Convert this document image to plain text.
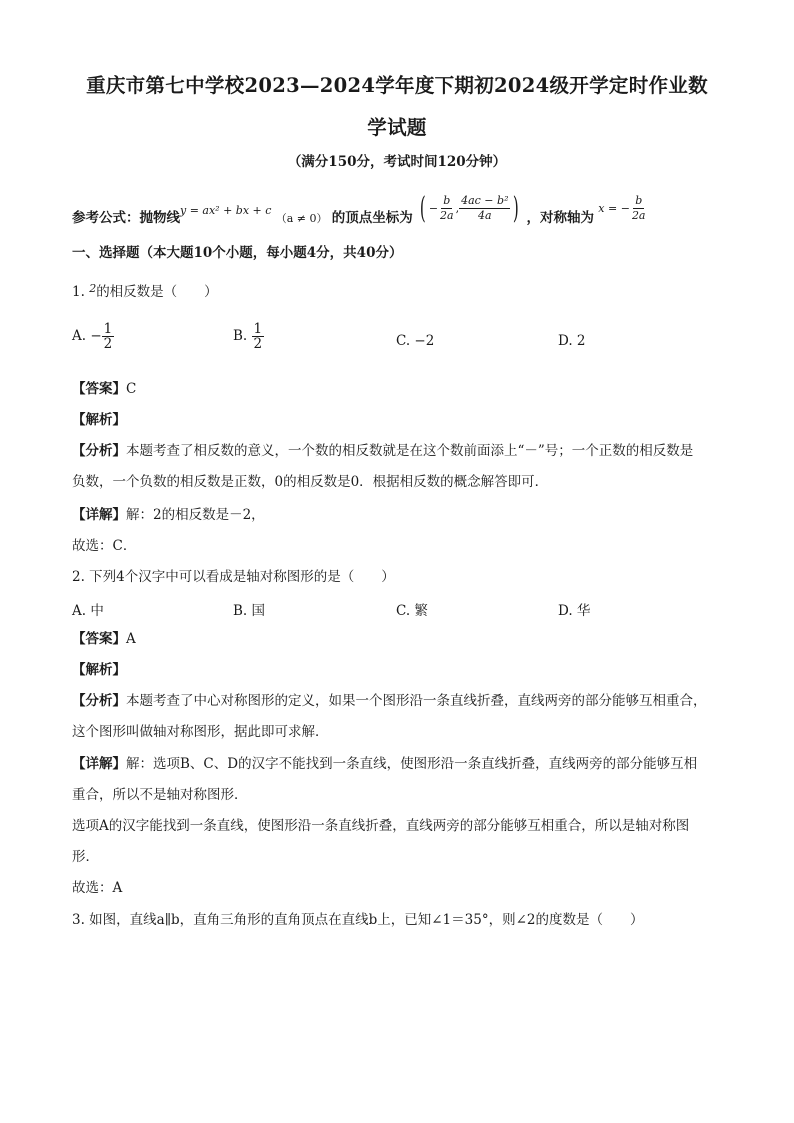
重庆市第七中学校2023—2024学年度下期初2024级开学定时作业数
学试题
（满分150分，考试时间120分钟）
参考公式：抛物线$^{y = ax^2 + bx + c}$ （a ≠ 0） 的顶点坐标为 ( − $\frac{b}{2a}$ , $\frac{\text{4ac − b²}}{4a}$ ) ，对称轴为 x = − $\frac{b}{2a}$
一、选择题（本大题10个小题，每小题4分，共40分）
1. $^2$的相反数是（　　）
A. − $\frac{1}{2}$	B. $\frac{1}{2}$	C. −2	D. 2
【答案】C
【解析】
【分析】本题考查了相反数的意义，一个数的相反数就是在这个数前面添上“－”号；一个正数的相反数是
负数，一个负数的相反数是正数，0的相反数是0．根据相反数的概念解答即可．
【详解】解：2的相反数是－2，
故选：C．
2. 下列4个汉字中可以看成是轴对称图形的是（　　）
A. 中	B. 国	C. 繁	D. 华
【答案】A
【解析】
【分析】本题考查了中心对称图形的定义，如果一个图形沿一条直线折叠，直线两旁的部分能够互相重合，
这个图形叫做轴对称图形，据此即可求解．
【详解】解：选项B、C、D的汉字不能找到一条直线，使图形沿一条直线折叠，直线两旁的部分能够互相
重合，所以不是轴对称图形．
选项A的汉字能找到一条直线，使图形沿一条直线折叠，直线两旁的部分能够互相重合，所以是轴对称图
形．
故选：A
3. 如图，直线a∥b，直角三角形的直角顶点在直线b上，已知∠1＝35°，则∠2的度数是（　　）
